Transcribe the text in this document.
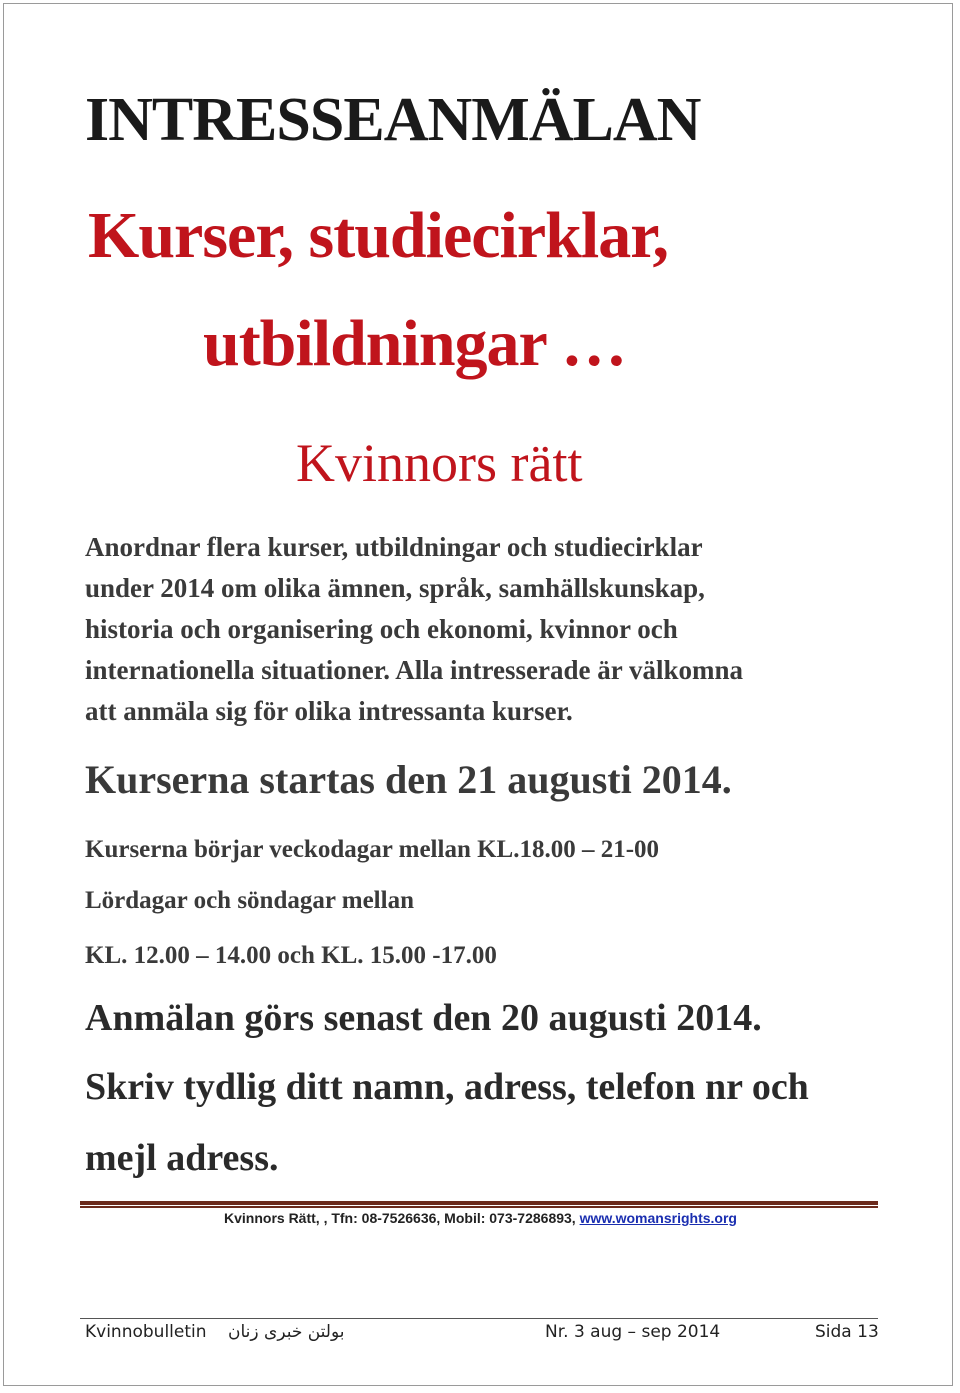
INTRESSEANMÄLAN
Kurser, studiecirklar,
utbildningar …
Kvinnors rätt
Anordnar flera kurser, utbildningar och studiecirklar
under 2014 om olika ämnen, språk, samhällskunskap,
historia och organisering och ekonomi, kvinnor och
internationella situationer. Alla intresserade är välkomna
att anmäla sig för olika intressanta kurser.
Kurserna startas den 21 augusti 2014.
Kurserna börjar veckodagar mellan KL.18.00 – 21-00
Lördagar och söndagar mellan
KL. 12.00 – 14.00 och KL. 15.00 -17.00
Anmälan görs senast den 20 augusti 2014.
Skriv tydlig ditt namn, adress, telefon nr och
mejl adress.
Kvinnors Rätt, , Tfn: 08-7526636, Mobil: 073-7286893, www.womansrights.org
Kvinnobulletin بولتن خبری زنان	Nr. 3 aug – sep 2014	Sida 13
